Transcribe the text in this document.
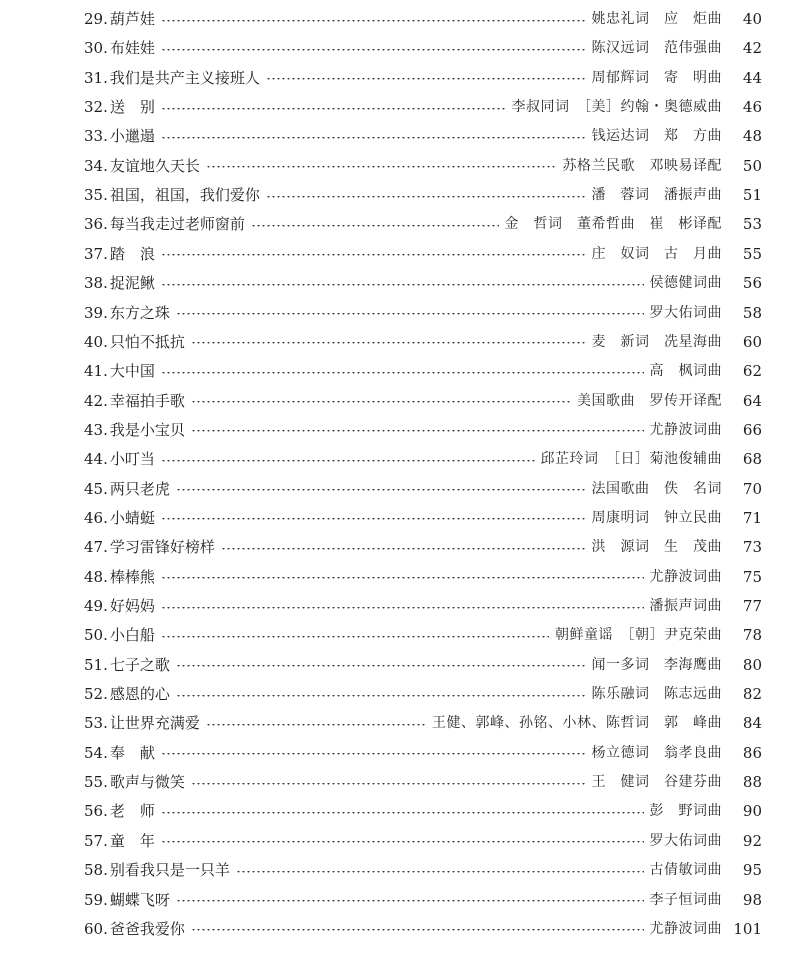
29. 葫芦娃	姚忠礼词　应　炬曲	40
30. 布娃娃	陈汉远词　范伟强曲	42
31. 我们是共产主义接班人	周郁辉词　寄　明曲	44
32. 送　别	李叔同词　［美］约翰・奥德威曲	46
33. 小邋遢	钱运达词　郑　方曲	48
34. 友谊地久天长	苏格兰民歌　邓映易译配	50
35. 祖国，祖国，我们爱你	潘　蓉词　潘振声曲	51
36. 每当我走过老师窗前	金　哲词　董希哲曲　崔　彬译配	53
37. 踏　浪	庄　奴词　古　月曲	55
38. 捉泥鳅	侯德健词曲	56
39. 东方之珠	罗大佑词曲	58
40. 只怕不抵抗	麦　新词　冼星海曲	60
41. 大中国	高　枫词曲	62
42. 幸福拍手歌	美国歌曲　罗传开译配	64
43. 我是小宝贝	尤静波词曲	66
44. 小叮当	邱芷玲词　［日］菊池俊辅曲	68
45. 两只老虎	法国歌曲　佚　名词	70
46. 小蜻蜓	周康明词　钟立民曲	71
47. 学习雷锋好榜样	洪　源词　生　茂曲	73
48. 棒棒熊	尤静波词曲	75
49. 好妈妈	潘振声词曲	77
50. 小白船	朝鲜童谣　［朝］尹克荣曲	78
51. 七子之歌	闻一多词　李海鹰曲	80
52. 感恩的心	陈乐融词　陈志远曲	82
53. 让世界充满爱	王健、郭峰、孙铭、小林、陈哲词　郭　峰曲	84
54. 奉　献	杨立德词　翁孝良曲	86
55. 歌声与微笑	王　健词　谷建芬曲	88
56. 老　师	彭　野词曲	90
57. 童　年	罗大佑词曲	92
58. 别看我只是一只羊	古倩敏词曲	95
59. 蝴蝶飞呀	李子恒词曲	98
60. 爸爸我爱你	尤静波词曲 101
